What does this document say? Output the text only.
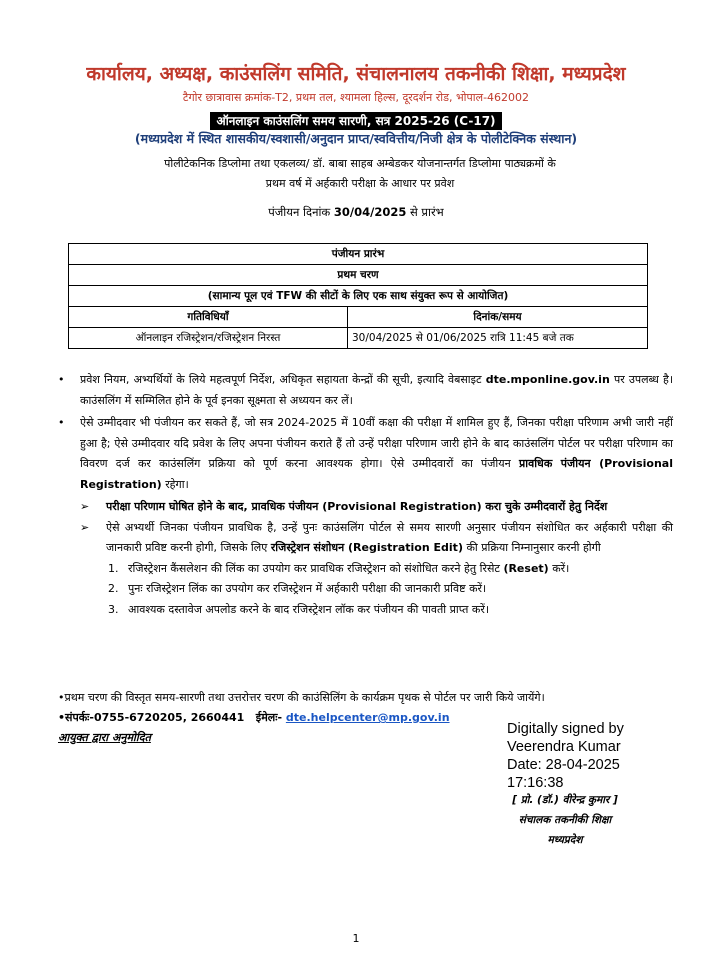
कार्यालय, अध्यक्ष, काउंसलिंग समिति, संचालनालय तकनीकी शिक्षा, मध्यप्रदेश
टैगोर छात्रावास क्रमांक-T2, प्रथम तल, श्यामला हिल्स, दूरदर्शन रोड, भोपाल-462002
ऑनलाइन काउंसलिंग समय सारणी, सत्र 2025-26 (C-17)
(मध्यप्रदेश में स्थित शासकीय/स्वशासी/अनुदान प्राप्त/स्ववित्तीय/निजी क्षेत्र के पोलीटेक्निक संस्थान)
पोलीटेकनिक डिप्लोमा तथा एकलव्य/ डॉ. बाबा साहब अम्बेडकर योजनान्तर्गत डिप्लोमा पाठ्यक्रमों के
प्रथम वर्ष में अर्हकारी परीक्षा के आधार पर प्रवेश
पंजीयन दिनांक 30/04/2025 से प्रारंभ
पंजीयन प्रारंभ	
प्रथम चरण	
(सामान्य पूल एवं TFW की सीटों के लिए एक साथ संयुक्त रूप से आयोजित)	
गतिविधियाँ	दिनांक/समय
ऑनलाइन रजिस्ट्रेशन/रजिस्ट्रेशन निरस्त	30/04/2025 से 01/06/2025 रात्रि 11:45 बजे तक
• प्रवेश नियम, अभ्यर्थियों के लिये महत्वपूर्ण निर्देश, अधिकृत सहायता केन्द्रों की सूची, इत्यादि वेबसाइट dte.mponline.gov.in पर उपलब्ध है। काउंसलिंग में सम्मिलित होने के पूर्व इनका सूक्ष्मता से अध्ययन कर लें।
• ऐसे उम्मीदवार भी पंजीयन कर सकते हैं, जो सत्र 2024-2025 में 10वीं कक्षा की परीक्षा में शामिल हुए हैं, जिनका परीक्षा परिणाम अभी जारी नहीं हुआ है; ऐसे उम्मीदवार यदि प्रवेश के लिए अपना पंजीयन कराते हैं तो उन्हें परीक्षा परिणाम जारी होने के बाद काउंसलिंग पोर्टल पर परीक्षा परिणाम का विवरण दर्ज कर काउंसलिंग प्रक्रिया को पूर्ण करना आवश्यक होगा। ऐसे उम्मीदवारों का पंजीयन प्रावधिक पंजीयन (Provisional Registration) रहेगा।
➢ परीक्षा परिणाम घोषित होने के बाद, प्रावधिक पंजीयन (Provisional Registration) करा चुके उम्मीदवारों हेतु निर्देश
➢ ऐसे अभ्यर्थी जिनका पंजीयन प्रावधिक है, उन्हें पुनः काउंसलिंग पोर्टल से समय सारणी अनुसार पंजीयन संशोधित कर अर्हकारी परीक्षा की जानकारी प्रविष्ट करनी होगी, जिसके लिए रजिस्ट्रेशन संशोधन (Registration Edit) की प्रक्रिया निम्नानुसार करनी होगी
1. रजिस्ट्रेशन कैंसलेशन की लिंक का उपयोग कर प्रावधिक रजिस्ट्रेशन को संशोधित करने हेतु रिसेट (Reset) करें।
2. पुनः रजिस्ट्रेशन लिंक का उपयोग कर रजिस्ट्रेशन में अर्हकारी परीक्षा की जानकारी प्रविष्ट करें।
3. आवश्यक दस्तावेज अपलोड करने के बाद रजिस्ट्रेशन लॉक कर पंजीयन की पावती प्राप्त करें।
•प्रथम चरण की विस्तृत समय-सारणी तथा उत्तरोत्तर चरण की काउंसिलिंग के कार्यक्रम पृथक से पोर्टल पर जारी किये जायेंगे।
•संपर्कः-0755-6720205, 2660441 ईमेलः- dte.helpcenter@mp.gov.in
आयुक्त द्वारा अनुमोदित
Digitally signed by
Veerendra Kumar
Date: 28-04-2025
17:16:38
[ प्रो. (डॉ.) वीरेन्द्र कुमार ]
संचालक तकनीकी शिक्षा
मध्यप्रदेश
1
